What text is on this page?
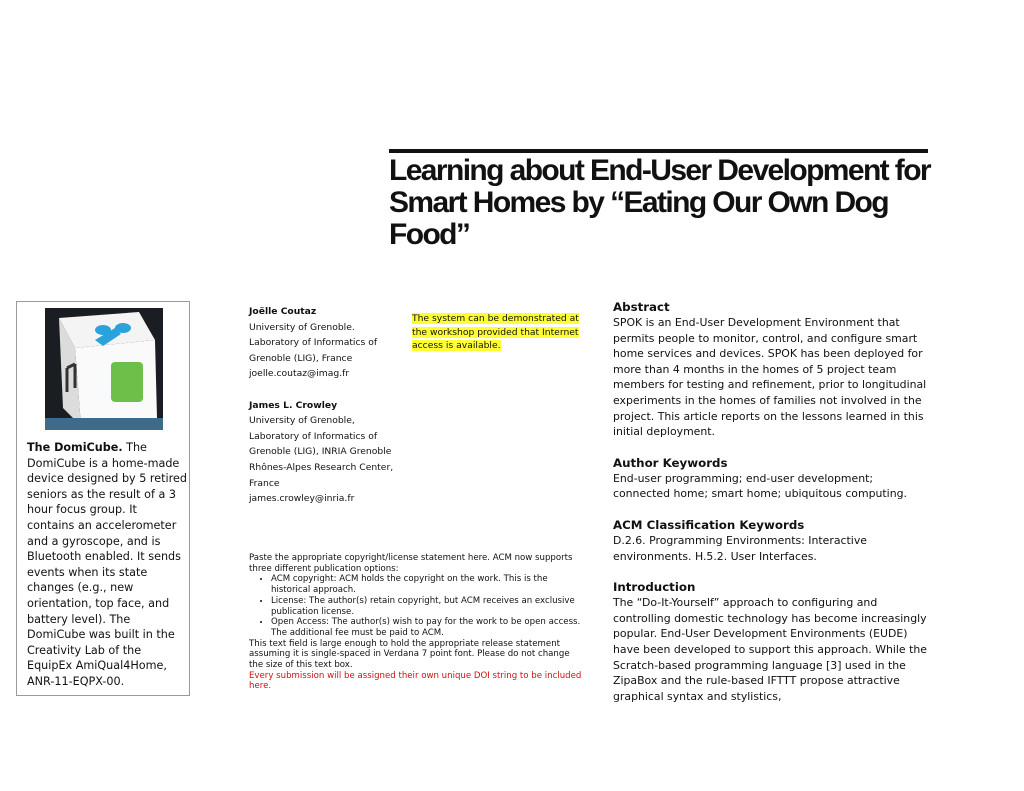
Learning about End-User Development for Smart Homes by “Eating Our Own Dog Food”

The DomiCube. The DomiCube is a home-made device designed by 5 retired seniors as the result of a 3 hour focus group. It contains an accelerometer and a gyroscope, and is Bluetooth enabled. It sends events when its state changes (e.g., new orientation, top face, and battery level). The DomiCube was built in the Creativity Lab of the EquipEx AmiQual4Home, ANR-11-EQPX-00.

Joëlle Coutaz
University of Grenoble.
Laboratory of Informatics of
Grenoble (LIG), France
joelle.coutaz@imag.fr
James L. Crowley
University of Grenoble,
Laboratory of Informatics of
Grenoble (LIG), INRIA Grenoble
Rhônes-Alpes Research Center,
France
james.crowley@inria.fr
The system can be demonstrated at the workshop provided that Internet access is available.
Paste the appropriate copyright/license statement here. ACM now supports three different publication options:
• ACM copyright: ACM holds the copyright on the work. This is the historical approach.
• License: The author(s) retain copyright, but ACM receives an exclusive publication license.
• Open Access: The author(s) wish to pay for the work to be open access. The additional fee must be paid to ACM.
This text field is large enough to hold the appropriate release statement assuming it is single-spaced in Verdana 7 point font. Please do not change the size of this text box.
Every submission will be assigned their own unique DOI string to be included here.
Abstract

SPOK is an End-User Development Environment that permits people to monitor, control, and configure smart home services and devices. SPOK has been deployed for more than 4 months in the homes of 5 project team members for testing and refinement, prior to longitudinal experiments in the homes of families not involved in the project. This article reports on the lessons learned in this initial deployment.

Author Keywords

End-user programming; end-user development; connected home; smart home; ubiquitous computing.

ACM Classification Keywords

D.2.6. Programming Environments: Interactive environments. H.5.2. User Interfaces.

Introduction

The “Do-It-Yourself” approach to configuring and controlling domestic technology has become increasingly popular. End-User Development Environments (EUDE) have been developed to support this approach. While the Scratch-based programming language [3] used in the ZipaBox and the rule-based IFTTT propose attractive graphical syntax and stylistics,
